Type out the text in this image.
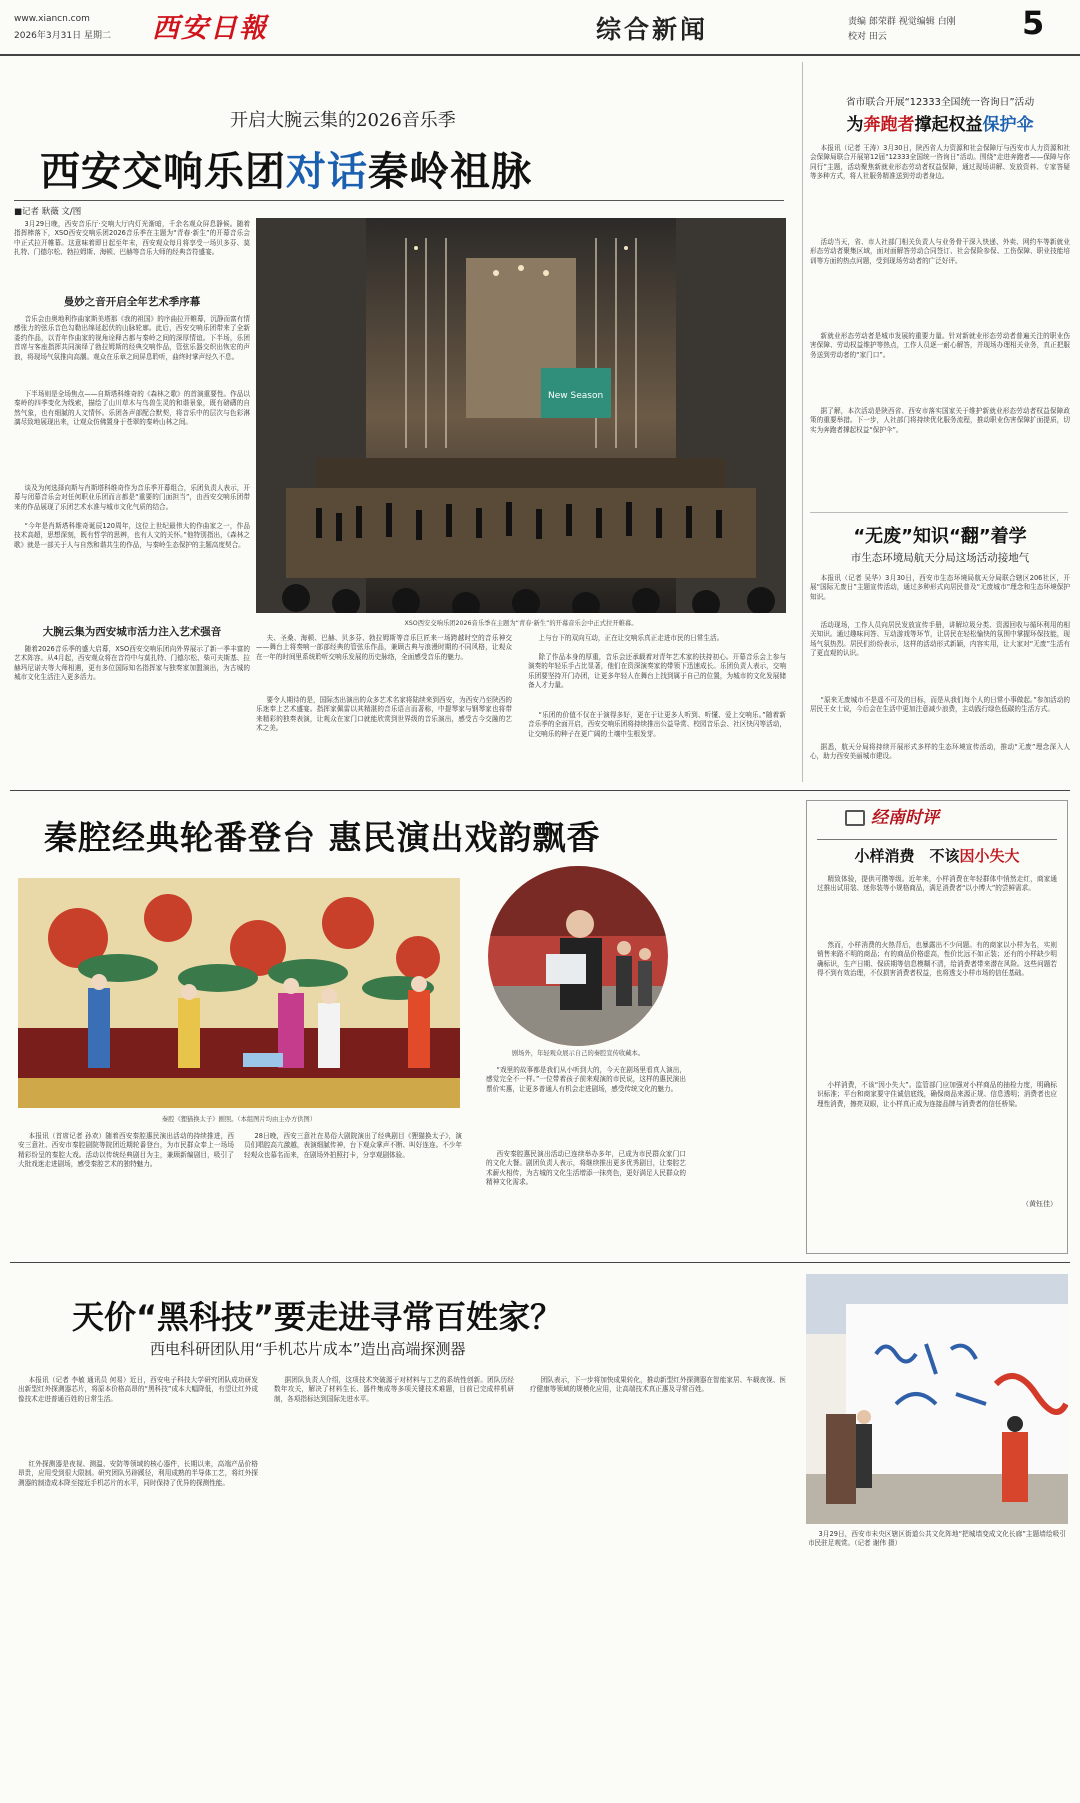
www.xiancn.com
2026年3月31日 星期二 西安日報	综合新闻	责编 郎荣群 视觉编辑 白刚
校对 田云	5
开启大腕云集的2026音乐季
西安交响乐团对话秦岭祖脉
■记者 耿薇 文/图
3月29日晚，西安音乐厅·交响大厅内灯光渐暗，千余名观众屏息静候。随着指挥棒落下，XSO西安交响乐团2026音乐季在主题为“青春·新生”的开幕音乐会中正式拉开帷幕。这意味着即日起至年末，西安观众每月将享受一场贝多芬、莫扎特、门德尔松、勃拉姆斯、海顿、巴赫等音乐大师的经典音符盛宴。
曼妙之音开启全年艺术季序幕
音乐会由奥地利作曲家斯美塔那《我的祖国》的序曲拉开帷幕，沉静而富有情感张力的弦乐音色勾勒出绵延起伏的山脉轮廓。此后，西安交响乐团带来了全新委约作品，以青年作曲家的视角诠释古都与秦岭之间的深厚情谊。下半场，乐团首席与客座指挥共同演绎了勃拉姆斯的经典交响作品，管弦乐器交织出恢宏的声浪，将现场气氛推向高潮。观众在乐章之间屏息聆听，曲终时掌声经久不息。
下半场则是全场焦点——自斯塔科维奇的《森林之歌》的首演重要性。作品以秦岭的四季变化为线索，描绘了山川草木与鸟兽生灵的和谐景象，既有磅礴的自然气象，也有细腻的人文情怀。乐团各声部配合默契，将音乐中的层次与色彩淋漓尽致地展现出来，让观众仿佛置身于苍翠的秦岭山林之间。
谈及为何选择向斯与肖斯塔科维奇作为音乐季开幕组合，乐团负责人表示，开幕与闭幕音乐会对任何职业乐团而言都是“重要的门面担当”，由西安交响乐团带来的作品展现了乐团艺术水准与城市文化气质的结合。
“今年是肖斯塔科维奇诞辰120周年，这位上世纪最伟大的作曲家之一，作品技术高超，思想深刻，既有哲学的思辨，也有人文的关怀。”他特别指出，《森林之歌》就是一部关于人与自然和谐共生的作品，与秦岭生态保护的主题高度契合。
大腕云集为西安城市活力注入艺术强音
随着2026音乐季的盛大启幕，XSO西安交响乐团向外界展示了新一季丰富的艺术阵容。从4月起，西安观众将在音符中与莫扎特、门德尔松、柴可夫斯基、拉赫玛尼诺夫等大师相遇，更有多位国际知名指挥家与独奏家加盟演出，为古城的城市文化生活注入更多活力。
New Season
XSO西安交响乐团2026音乐季在主题为“青春·新生”的开幕音乐会中正式拉开帷幕。
夫、圣桑、海顿、巴赫、贝多芬、勃拉姆斯等音乐巨匠来一场跨越时空的音乐神交——舞台上将奏响一部部经典的管弦乐作品，兼顾古典与浪漫时期的不同风格，让观众在一年的时间里系统聆听交响乐发展的历史脉络，全面感受音乐的魅力。
要令人期待的是，国际杰出演出的众多艺术名家将陆续来到西安，为西安乃至陕西的乐迷奉上艺术盛宴。指挥家佩雷以其精湛的音乐语言而著称，中提琴家与钢琴家也将带来精彩的独奏表演，让观众在家门口就能欣赏到世界级的音乐演出，感受古今交融的艺术之美。
上与台下的双向互动，正在让交响乐真正走进市民的日常生活。
除了作品本身的厚重，音乐会还承载着对青年艺术家的扶持初心。开幕音乐会上参与演奏的年轻乐手占比显著，他们在资深演奏家的带领下迅速成长。乐团负责人表示，交响乐团要坚持开门办团，让更多年轻人在舞台上找到属于自己的位置，为城市的文化发展储备人才力量。
“乐团的价值不仅在于演得多好，更在于让更多人听到、听懂、爱上交响乐。”随着新音乐季的全面开启，西安交响乐团将持续推出公益导赏、校园音乐会、社区快闪等活动，让交响乐的种子在更广阔的土壤中生根发芽。
省市联合开展“12333全国统一咨询日”活动
为奔跑者撑起权益保护伞
本报讯（记者 王涛）3月30日，陕西省人力资源和社会保障厅与西安市人力资源和社会保障局联合开展第12届“12333全国统一咨询日”活动。围绕“走进奔跑者——保障与你同行”主题，活动聚焦新就业形态劳动者权益保障，通过现场讲解、发放资料、专家答疑等多种方式，将人社服务精准送到劳动者身边。
活动当天，省、市人社部门相关负责人与业务骨干深入快递、外卖、网约车等新就业形态劳动者聚集区域，面对面解答劳动合同签订、社会保险参保、工伤保障、职业技能培训等方面的热点问题，受到现场劳动者的广泛好评。
新就业形态劳动者是城市发展的重要力量。针对新就业形态劳动者普遍关注的职业伤害保障、劳动权益维护等热点，工作人员逐一耐心解答，并现场办理相关业务，真正把服务送到劳动者的“家门口”。
据了解，本次活动是陕西省、西安市落实国家关于维护新就业形态劳动者权益保障政策的重要举措。下一步，人社部门将持续优化服务流程，推动职业伤害保障扩面提质，切实为奔跑者撑起权益“保护伞”。
“无废”知识“翻”着学
市生态环境局航天分局这场活动接地气
本报讯（记者 吴华）3月30日，西安市生态环境局航天分局联合辖区206社区，开展“国际无废日”主题宣传活动，通过多种形式向居民普及“无废城市”理念和生态环境保护知识。
活动现场，工作人员向居民发放宣传手册，讲解垃圾分类、资源回收与循环利用的相关知识。通过趣味问答、互动游戏等环节，让居民在轻松愉快的氛围中掌握环保技能，现场气氛热烈。居民们纷纷表示，这样的活动形式新颖，内容实用，让大家对“无废”生活有了更直观的认识。
“原来无废城市不是遥不可及的目标，而是从我们每个人的日常小事做起。”参加活动的居民王女士说，今后会在生活中更加注意减少浪费，主动践行绿色低碳的生活方式。
据悉，航天分局将持续开展形式多样的生态环境宣传活动，推动“无废”理念深入人心，助力西安美丽城市建设。
秦腔经典轮番登台 惠民演出戏韵飘香
秦腔《狸猫换太子》剧照。（本组图片均由主办方供图）
剧场外，年轻观众展示自己的秦腔宣传收藏本。
“戏里的故事都是我们从小听到大的，今天在剧场里看真人演出，感觉完全不一样。”一位带着孩子前来观演的市民说，这样的惠民演出票价实惠，让更多普通人有机会走进剧场，感受传统文化的魅力。
西安秦腔惠民演出活动已连续举办多年，已成为市民群众家门口的文化大餐。剧团负责人表示，将继续推出更多优秀剧目，让秦腔艺术薪火相传，为古城的文化生活增添一抹亮色，更好满足人民群众的精神文化需求。
本报讯（首席记者 孙欢）随着西安秦腔惠民演出活动的持续推进，西安三意社、西安市秦腔剧院等院团近期轮番登台，为市民群众奉上一场场精彩纷呈的秦腔大戏。活动以传统经典剧目为主，兼顾新编剧目，吸引了大批戏迷走进剧场，感受秦腔艺术的独特魅力。
28日晚，西安三意社在易俗大剧院演出了经典剧目《狸猫换太子》，演员们唱腔高亢激越，表演细腻传神，台下观众掌声不断、叫好连连。不少年轻观众也慕名而来，在剧场外拍照打卡，分享观剧体验。
经南时评
小样消费　不该因小失大
精致体验，提供可攒等级。近年来，小样消费在年轻群体中悄然走红，商家通过推出试用装、迷你装等小规格商品，满足消费者“以小博大”的尝鲜需求。
然而，小样消费的火热背后，也暴露出不少问题。有的商家以小样为名，实则销售来路不明的商品；有的商品价格虚高，性价比远不如正装；还有的小样缺少明确标识，生产日期、保质期等信息模糊不清，给消费者带来潜在风险。这些问题若得不到有效治理，不仅损害消费者权益，也将透支小样市场的信任基础。
小样消费，不该“因小失大”。监管部门应加强对小样商品的抽检力度，明确标识标准；平台和商家要守住诚信底线，确保商品来源正规、信息透明；消费者也应理性消费，擦亮双眼，让小样真正成为连接品牌与消费者的信任桥梁。
（黄钰佳）
天价“黑科技”要走进寻常百姓家？
西电科研团队用“手机芯片成本”造出高端探测器
本报讯（记者 李敏 通讯员 何易）近日，西安电子科技大学研究团队成功研发出新型红外探测器芯片，将原本价格高昂的“黑科技”成本大幅降低，有望让红外成像技术走进普通百姓的日常生活。
红外探测器是夜视、测温、安防等领域的核心器件，长期以来，高端产品价格昂贵，应用受到很大限制。研究团队另辟蹊径，利用成熟的半导体工艺，将红外探测器的制造成本降至接近手机芯片的水平，同时保持了优异的探测性能。
据团队负责人介绍，这项技术突破源于对材料与工艺的系统性创新。团队历经数年攻关，解决了材料生长、器件集成等多项关键技术难题，目前已完成样机研制，各项指标达到国际先进水平。
团队表示，下一步将加快成果转化，推动新型红外探测器在智能家居、车载夜视、医疗健康等领域的规模化应用，让高端技术真正惠及寻常百姓。
3月29日，西安市未央区辖区街道公共文化阵地“把城墙变成文化长廊”主题墙绘吸引市民驻足观赏。（记者 谢伟 摄）
